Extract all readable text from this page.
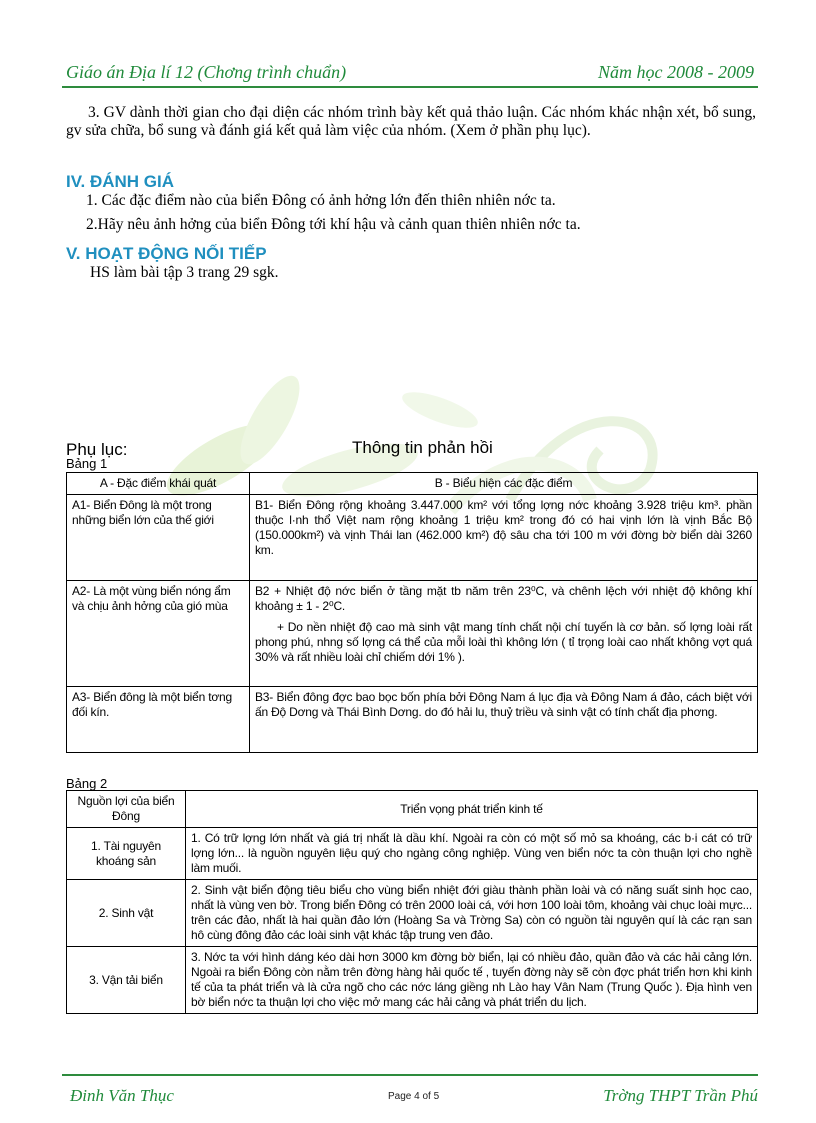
Giáo án Địa lí 12 (Chơng trình chuẩn)	Năm học 2008 - 2009
3. GV dành thời gian cho đại diện các nhóm trình bày kết quả thảo luận. Các nhóm khác nhận xét, bổ sung, gv sửa chữa, bổ sung và đánh giá kết quả làm việc của nhóm. (Xem ở phần phụ lục).
IV. ĐÁNH GIÁ
1. Các đặc điểm nào của biển Đông có ảnh hởng lớn đến thiên nhiên nớc ta.
2.Hãy nêu ảnh hởng của biển Đông tới khí hậu và cảnh quan thiên nhiên nớc ta.
V. HOẠT ĐỘNG NỐI TIẾP
HS làm bài tập 3 trang 29 sgk.
Phụ lục:	Thông tin phản hồi
Bảng 1
A - Đặc điểm khái quát	B - Biểu hiện các đặc điểm
A1- Biển Đông là một trong những biển lớn của thế giới	B1- Biển Đông rộng khoảng 3.447.000 km² với tổng lợng nớc khoảng 3.928 triệu km³. phần thuộc l·nh thổ Việt nam rộng khoảng 1 triệu km² trong đó có hai vịnh lớn là vịnh Bắc Bộ (150.000km²) và vịnh Thái lan (462.000 km²) độ sâu cha tới 100 m với đờng bờ biển dài 3260 km.
A2- Là một vùng biển nóng ẩm và chịu ảnh hởng của gió mùa	B2 + Nhiệt độ nớc biển ở tầng mặt tb năm trên 23⁰C, và chênh lệch với nhiệt độ không khí khoảng ± 1 - 2⁰C.
+ Do nền nhiệt độ cao mà sinh vật mang tính chất nội chí tuyến là cơ bản. số lợng loài rất phong phú, nhng số lợng cá thể của mỗi loài thì không lớn ( tỉ trọng loài cao nhất không vợt quá 30% và rất nhiều loài chỉ chiếm dới 1% ).

A3- Biển đông là một biển tơng đối kín.	B3- Biển đông đợc bao bọc bốn phía bởi Đông Nam á lục địa và Đông Nam á đảo, cách biệt với ấn Độ Dơng và Thái Bình Dơng. do đó hải lu, thuỷ triều và sinh vật có tính chất địa phơng.
Bảng 2
Nguồn lợi của biển Đông	Triển vọng phát triển kinh tế
1. Tài nguyên khoáng sản	1. Có trữ lợng lớn nhất và giá trị nhất là dầu khí. Ngoài ra còn có một số mỏ sa khoáng, các b·i cát có trữ lợng lớn... là nguồn nguyên liệu quý cho ngàng công nghiệp. Vùng ven biển nớc ta còn thuận lợi cho nghề làm muối.
2. Sinh vật	2. Sinh vật biển động tiêu biểu cho vùng biển nhiệt đới giàu thành phần loài và có năng suất sinh học cao, nhất là vùng ven bờ. Trong biển Đông có trên 2000 loài cá, với hơn 100 loài tôm, khoảng vài chục loài mực... trên các đảo, nhất là hai quần đảo lớn (Hoàng Sa và Trờng Sa) còn có nguồn tài nguyên quí là các rạn san hô cùng đông đảo các loài sinh vật khác tập trung ven đảo.
3. Vận tải biển	3. Nớc ta với hình dáng kéo dài hơn 3000 km đờng bờ biển, lại có nhiều đảo, quần đảo và các hải cảng lớn. Ngoài ra biển Đông còn nằm trên đờng hàng hải quốc tế , tuyến đờng này sẽ còn đợc phát triển hơn khi kinh tế của ta phát triển và là cửa ngõ cho các nớc láng giềng nh Lào hay Vân Nam (Trung Quốc ). Địa hình ven bờ biển nớc ta thuận lợi cho việc mở mang các hải cảng và phát triển du lịch.
Đinh Văn Thục	Page 4 of 5	Trờng THPT Trần Phú
